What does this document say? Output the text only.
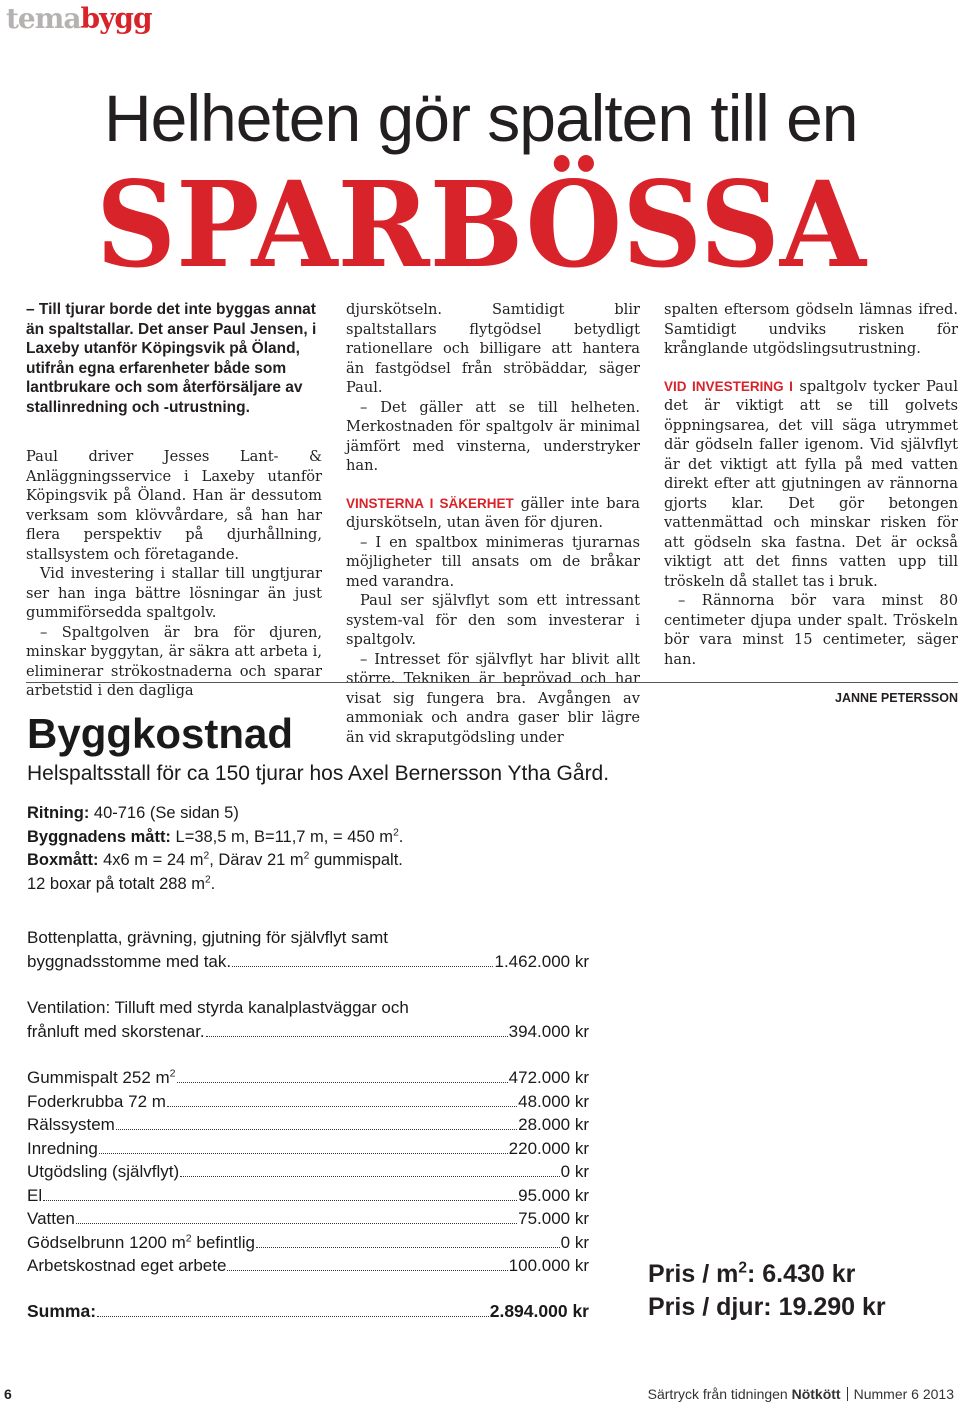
temabygg
Helheten gör spalten till en
SPARBÖSSA

– Till tjurar borde det inte byggas annat än spaltstallar. Det anser Paul Jensen, i Laxeby utanför Köpingsvik på Öland, utifrån egna erfarenheter både som lantbrukare och som återförsäljare av stallinredning och -utrustning.

Paul driver Jesses Lant- & Anläggningsservice i Laxeby utanför Köpingsvik på Öland. Han är dessutom verksam som klövvårdare, så han har flera perspektiv på djurhållning, stallsystem och företagande.

Vid investering i stallar till ungtjurar ser han inga bättre lösningar än just gummiförsedda spaltgolv.

– Spaltgolven är bra för djuren, minskar byggytan, är säkra att arbeta i, eliminerar strökostnaderna och sparar arbetstid i den dagliga

djurskötseln. Samtidigt blir spaltstallars flytgödsel betydligt rationellare och billigare att hantera än fastgödsel från ströbäddar, säger Paul.

– Det gäller att se till helheten. Merkostnaden för spaltgolv är minimal jämfört med vinsterna, understryker han.

VINSTERNA I SÄKERHET gäller inte bara djurskötseln, utan även för djuren.

– I en spaltbox minimeras tjurarnas möjligheter till ansats om de bråkar med varandra.

Paul ser självflyt som ett intressant system-val för den som investerar i spaltgolv.

– Intresset för självflyt har blivit allt större. Tekniken är beprövad och har visat sig fungera bra. Avgången av ammoniak och andra gaser blir lägre än vid skraputgödsling under

spalten eftersom gödseln lämnas ifred. Samtidigt undviks risken för krånglande utgödslingsutrustning.

VID INVESTERING I spaltgolv tycker Paul det är viktigt att se till golvets öppningsarea, det vill säga utrymmet där gödseln faller igenom. Vid självflyt är det viktigt att fylla på med vatten direkt efter att gjutningen av rännorna gjorts klar. Det gör betongen vattenmättad och minskar risken för att gödseln ska fastna. Det är också viktigt att det finns vatten upp till tröskeln då stallet tas i bruk.

– Rännorna bör vara minst 80 centimeter djupa under spalt. Tröskeln bör vara minst 15 centimeter, säger han.

JANNE PETERSSON

Byggkostnad
Helspaltsstall för ca 150 tjurar hos Axel Bernersson Ytha Gård.
Ritning: 40-716 (Se sidan 5)
Byggnadens mått: L=38,5 m, B=11,7 m, = 450 $m^2$.
Boxmått: 4x6 m = 24 $m^2$, Därav 21 $m^2$ gummispalt.
12 boxar på totalt 288 $m^2$.
Bottenplatta, grävning, gjutning för självflyt samt
byggnadsstomme med tak.	1.462.000 kr
Ventilation: Tilluft med styrda kanalplastväggar och
frånluft med skorstenar.	394.000 kr
Gummispalt 252 $m^2$	472.000 kr
Foderkrubba 72 m	48.000 kr
Rälssystem	28.000 kr
Inredning	220.000 kr
Utgödsling (självflyt)	0 kr
El	95.000 kr
Vatten	75.000 kr
Gödselbrunn 1200 $m^2$ befintlig	0 kr
Arbetskostnad eget arbete	100.000 kr
Summa:	2.894.000 kr
Pris / $m^2$: 6.430 kr
Pris / djur: 19.290 kr
6	Särtryck från tidningen Nötkött Nummer 6 2013
